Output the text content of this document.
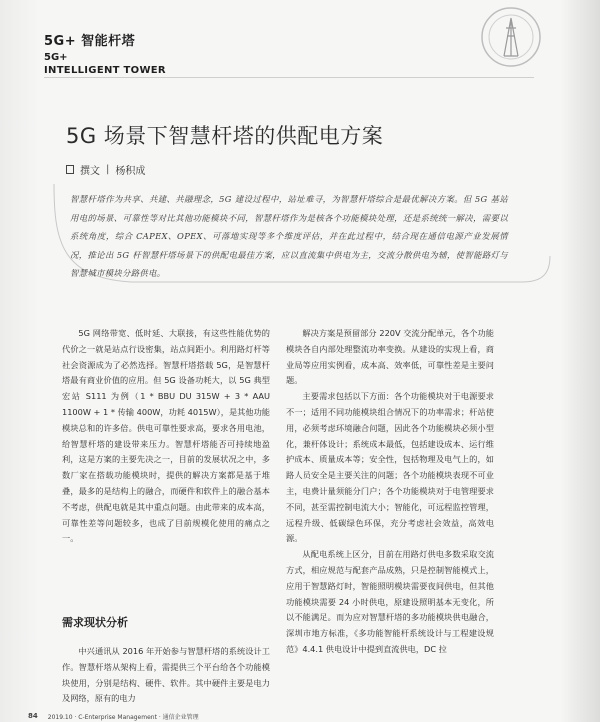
5G+ 智能杆塔
5G+
INTELLIGENT TOWER
5G 场景下智慧杆塔的供配电方案
撰文 | 杨积成
智慧杆塔作为共享、共建、共融理念，5G 建设过程中，站址难寻，为智慧杆塔综合是最优解决方案。但 5G 基站用电的场景、可靠性等对比其他功能模块不同，智慧杆塔作为是核各个功能模块处理，还是系统统一解决，需要以系统角度，综合 CAPEX、OPEX、可落地实现等多个维度评估，并在此过程中，结合现在通信电源产业发展情况，推论出 5G 杆智慧杆塔场景下的供配电最佳方案，应以直流集中供电为主，交流分散供电为辅，使智能路灯与智慧城市模块分路供电。

5G 网络带宽、低时延、大联接，有这些性能优势的代价之一就是站点行设密集，站点间距小。利用路灯杆等社会资源成为了必然选择。智慧杆塔搭载 5G，是智慧杆塔最有商业价值的应用。但 5G 设备功耗大，以 5G 典型宏站 S111 为例（1 * BBU DU 315W + 3 * AAU 1100W + 1 * 传输 400W，功耗 4015W），是其他功能模块总和的许多倍。供电可靠性要求高，要求各用电池，给智慧杆塔的建设带来压力。智慧杆塔能否可持续地盈利，这是方案的主要先决之一，目前的发展状况之中，多数厂家在搭载功能模块时，提供的解决方案都是基于堆叠，最多的是结构上的融合，而硬件和软件上的融合基本不考虑，供配电就是其中重点问题。由此带来的成本高，可靠性差等问题较多，也成了目前规模化使用的痛点之一。

需求现状分析

中兴通讯从 2016 年开始参与智慧杆塔的系统设计工作。智慧杆塔从架构上看，需提供三个平台给各个功能模块使用，分别是结构、硬件、软件。其中硬件主要是电力及网络，原有的电力

解决方案是预留部分 220V 交流分配单元，各个功能模块各自内部处理整流功率变换。从建设的实现上看，商业局等应用实例看，成本高、效率低，可靠性差是主要问题。

主要需求包括以下方面：各个功能模块对于电源要求不一；适用不同功能模块组合情况下的功率需求；杆站使用，必须考虑环境融合问题，因此各个功能模块必须小型化，兼杆体设计；系统成本最低，包括建设成本、运行维护成本、质量成本等；安全性，包括物理及电气上的，如路人员安全是主要关注的问题；各个功能模块表现不可业主，电费计量须能分门户；各个功能模块对于电管理要求不同，甚至需控制电流大小；智能化，可远程监控管理，远程升级、低碳绿色环保，充分考虑社会效益，高效电源。

从配电系统上区分，目前在用路灯供电多数采取交流方式，相应规范与配套产品成熟，只是控制智能模式上，应用于智慧路灯时，智能照明模块需要夜间供电，但其他功能模块需要 24 小时供电，原建设照明基本无变化，所以不能满足。而为应对智慧杆塔的多功能模块供电融合，深圳市地方标准，《多功能智能杆系统设计与工程建设规范》4.4.1 供电设计中提到直流供电，DC 拉

84 2019.10 · C-Enterprise Management · 通信企业管理
